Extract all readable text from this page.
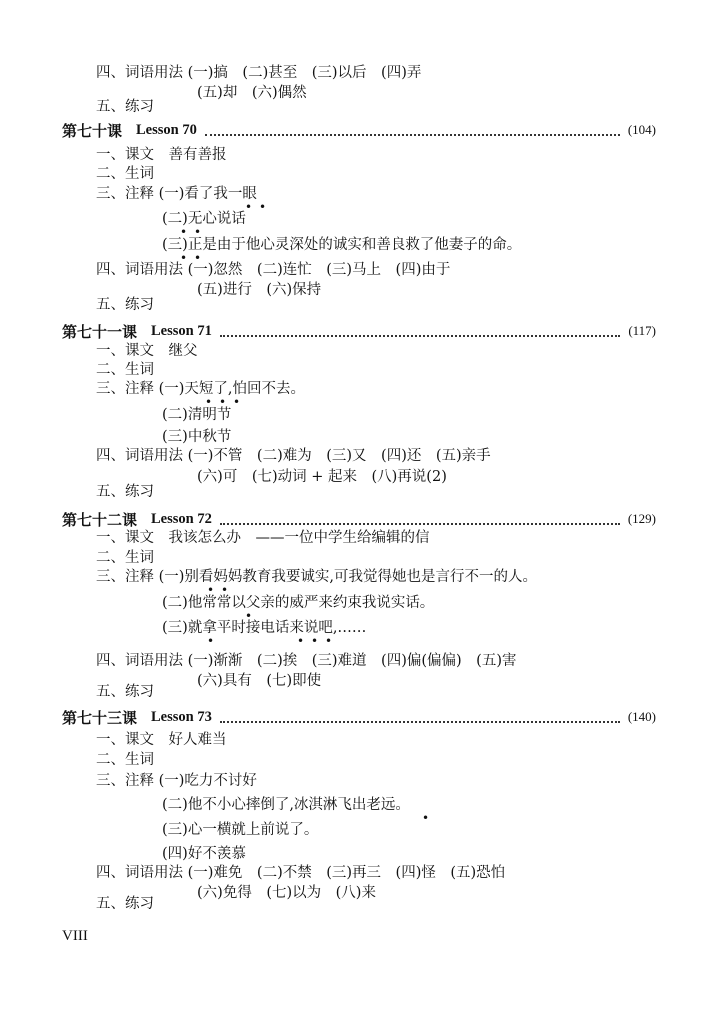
四、词语用法 (一)搞　(二)甚至　(三)以后　(四)弄
(五)却　(六)偶然
五、练习
第七十课 Lesson 70	(104)
一、课文　善有善报
二、生词
三、注释 (一)看了我一眼
• •
(二)无心说话
• •
(三)正是由于他心灵深处的诚实和善良救了他妻子的命。
• •
四、词语用法 (一)忽然　(二)连忙　(三)马上　(四)由于
(五)进行　(六)保持
五、练习
第七十一课 Lesson 71	(117)
一、课文　继父
二、生词
三、注释 (一)天短了,怕回不去。
• • •
(二)清明节
(三)中秋节
四、词语用法 (一)不管　(二)难为　(三)又　(四)还　(五)亲手
(六)可　(七)动词 + 起来　(八)再说(2)
五、练习
第七十二课 Lesson 72	(129)
一、课文　我该怎么办　——一位中学生给编辑的信
二、生词
三、注释 (一)别看妈妈教育我要诚实,可我觉得她也是言行不一的人。
• •
(二)他常常以父亲的威严来约束我说实话。
•
(三)就拿平时接电话来说吧,……
•	• • •
四、词语用法 (一)渐渐　(二)挨　(三)难道　(四)偏(偏偏)　(五)害
(六)具有　(七)即使
五、练习
第七十三课 Lesson 73	(140)
一、课文　好人难当
二、生词
三、注释 (一)吃力不讨好
(二)他不小心摔倒了,冰淇淋飞出老远。
•
(三)心一横就上前说了。
(四)好不羡慕
四、词语用法 (一)难免　(二)不禁　(三)再三　(四)怪　(五)恐怕
(六)免得　(七)以为　(八)来
五、练习
VIII
